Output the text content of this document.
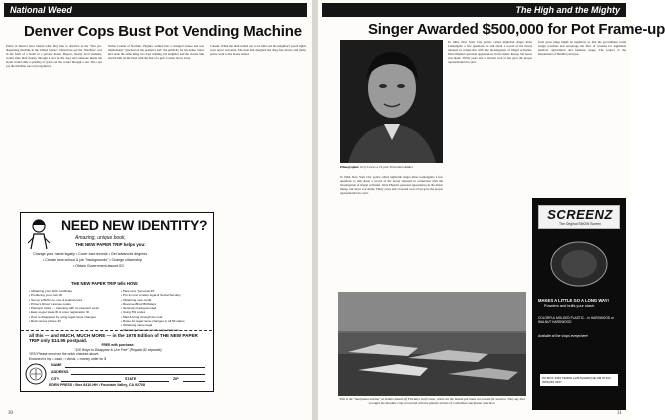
National Weed
Denver Cops Bust Pot Vending Machine
Police in Denver have busted what they like to describe as the "first pot-dispensing machine in the United States". Detectives say the "machine" was in the form of a booth in a private house. Buyers, mostly local students, would slide their money through a slot in the door and someone inside the booth would slide a quantity of grass out the corner through a slot. The cops say the machine was well organized.
Walter Coalter of Norfolk, Virginia, walked into a stranger's house and was immediately "pinched on the posterior end" the publicity for his name. Since he'd done the same thing two days running, his neighbor and the closest link and bit him on the head with the butt of a gun. Coalter drove away.
Canada. When the bulb turned out to be infra-red the neighbor's porch lights were never activated. The man had designed the drug-free device and many police went to the house armed.
NEED NEW IDENTITY?
Amazing, unique book,
THE NEW PAPER TRIP helps you:
Change your name legally • Cover bad records • Get advanced degrees
• Create new school & job "backgrounds" • Change citizenship
• Obtain Government-issued ID!
THE NEW PAPER TRIP tells HOW:
• Obtaining your birth certificate
• Producing your own ID
• Set up a Birth Lie, use & federal rules
• Prime's Driver License codes
• Passport tricks — traveling with no passport at all
• Easy-to-get state ID & voter registration ID
• How to disappear by using legal name changes
• Reid versus phone ID
• Take new "personal ID"
• Pro & cons of alien legal & Social Security
• Obtaining new credit
• Reverse-Blind Birthdays
• Seriously backgrounded
• Using 5% codes
• Mail & bring through the mail
• Rules for legal name changes in all 50 states
• Obtaining name legal
• Obtaining domestic and foreign diplomas
all this — and MUCH, MUCH MORE — in the 1978 Edition of THE NEW PAPER TRIP only $14.95 postpaid.
FREE with purchase:
"100 Ways to Disappear & Live Free" (Regular $2 separate)
YES! Please send me the order checked above.
Enclosed is my □ cash, □ check, □ money order for $
NAME
ADDRESS
CITY	STATE	ZIP
EDEN PRESS • Box 8410-HH • Fountain Valley, CA 92708
30
The High and the Mighty
Singer Awarded $500,000 for Pot Frame-up
Pilmographer Jerry Lewis: a 13-year Prevention Addict.
In 1964, New York City police called nightclub singer Peter Lemongello a few questions to talk about a record of his newly released in connection with the investigation of illegal activities. Were Phelan's personal appearances in the music lineup, but never was made. Thirty years and a lawsuit won at last gave the proper representation in court.
In 1964, New York City police called nightclub singer Peter Lemongello a few questions to talk about a record of his newly released in connection with the investigation of illegal activities. Were Phelan's personal appearances in the music lineup, but never was made. Thirty years and a lawsuit won at last gave the proper representation in court.
from grass plugs might be legalized, so that the government could assign revenues and encourage the flow of revenue for legitimate medical, agricultural and business usage. The project is the Department of Health's purveyor.
This is the "marijuana marina" at Seldon Island off Florida's Gulf Coast, where all the busted pot boats are towed for auction. They say that so might the desolate crop recovered with the ghostly armies of Colombian marijuana ranchers.
SCREENZ
The Original SMOW Screen
MAKES A LITTLE GO A LONG WAY!
Powders and buffs your stash.
COLORFUL MOLDED PLASTIC... in HARDWOOD or WALNUT HARDWOOD
Available at fine shops everywhere!
PO BOX 3345 TEMPE ALBUQUERQUE NM 87190 (505)255-3367
31
